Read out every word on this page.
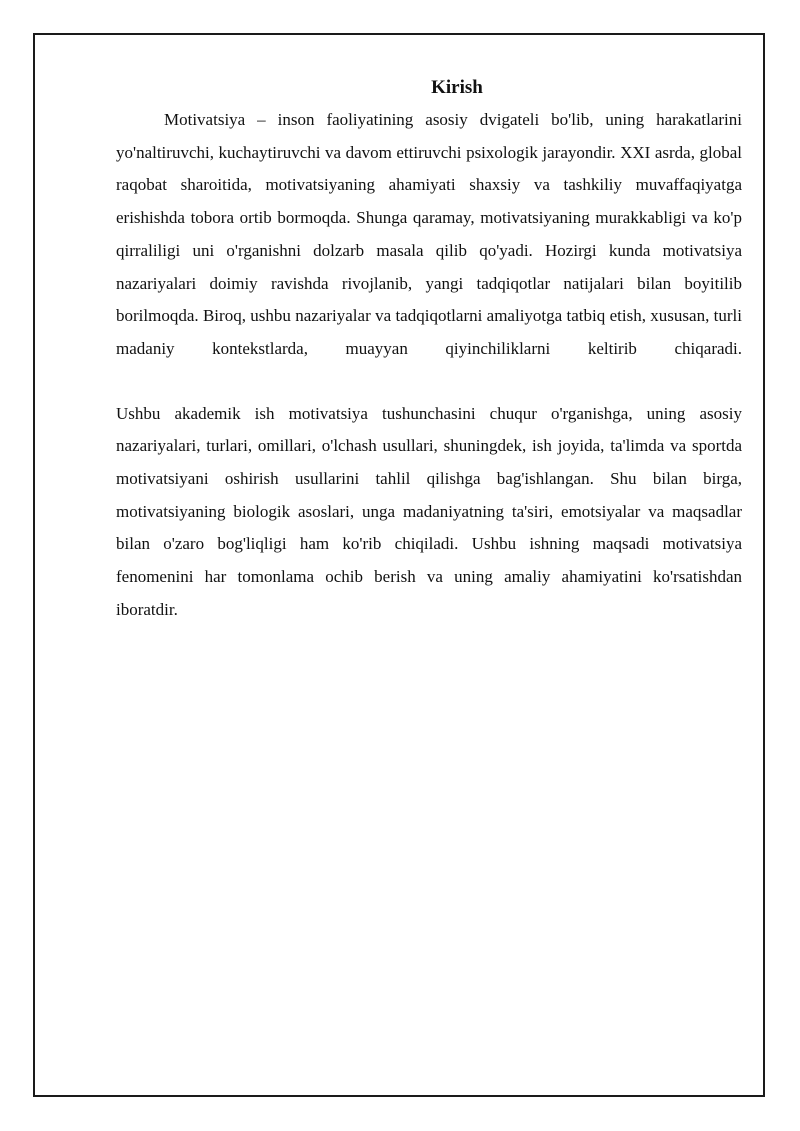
Kirish

Motivatsiya – inson faoliyatining asosiy dvigateli bo'lib, uning harakatlarini yo'naltiruvchi, kuchaytiruvchi va davom ettiruvchi psixologik jarayondir. XXI asrda, global raqobat sharoitida, motivatsiyaning ahamiyati shaxsiy va tashkiliy muvaffaqiyatga erishishda tobora ortib bormoqda. Shunga qaramay, motivatsiyaning murakkabligi va ko'p qirraliligi uni o'rganishni dolzarb masala qilib qo'yadi. Hozirgi kunda motivatsiya nazariyalari doimiy ravishda rivojlanib, yangi tadqiqotlar natijalari bilan boyitilib borilmoqda. Biroq, ushbu nazariyalar va tadqiqotlarni amaliyotga tatbiq etish, xususan, turli madaniy kontekstlarda, muayyan qiyinchiliklarni keltirib chiqaradi.

Ushbu akademik ish motivatsiya tushunchasini chuqur o'rganishga, uning asosiy nazariyalari, turlari, omillari, o'lchash usullari, shuningdek, ish joyida, ta'limda va sportda motivatsiyani oshirish usullarini tahlil qilishga bag'ishlangan. Shu bilan birga, motivatsiyaning biologik asoslari, unga madaniyatning ta'siri, emotsiyalar va maqsadlar bilan o'zaro bog'liqligi ham ko'rib chiqiladi. Ushbu ishning maqsadi motivatsiya fenomenini har tomonlama ochib berish va uning amaliy ahamiyatini ko'rsatishdan iboratdir.
